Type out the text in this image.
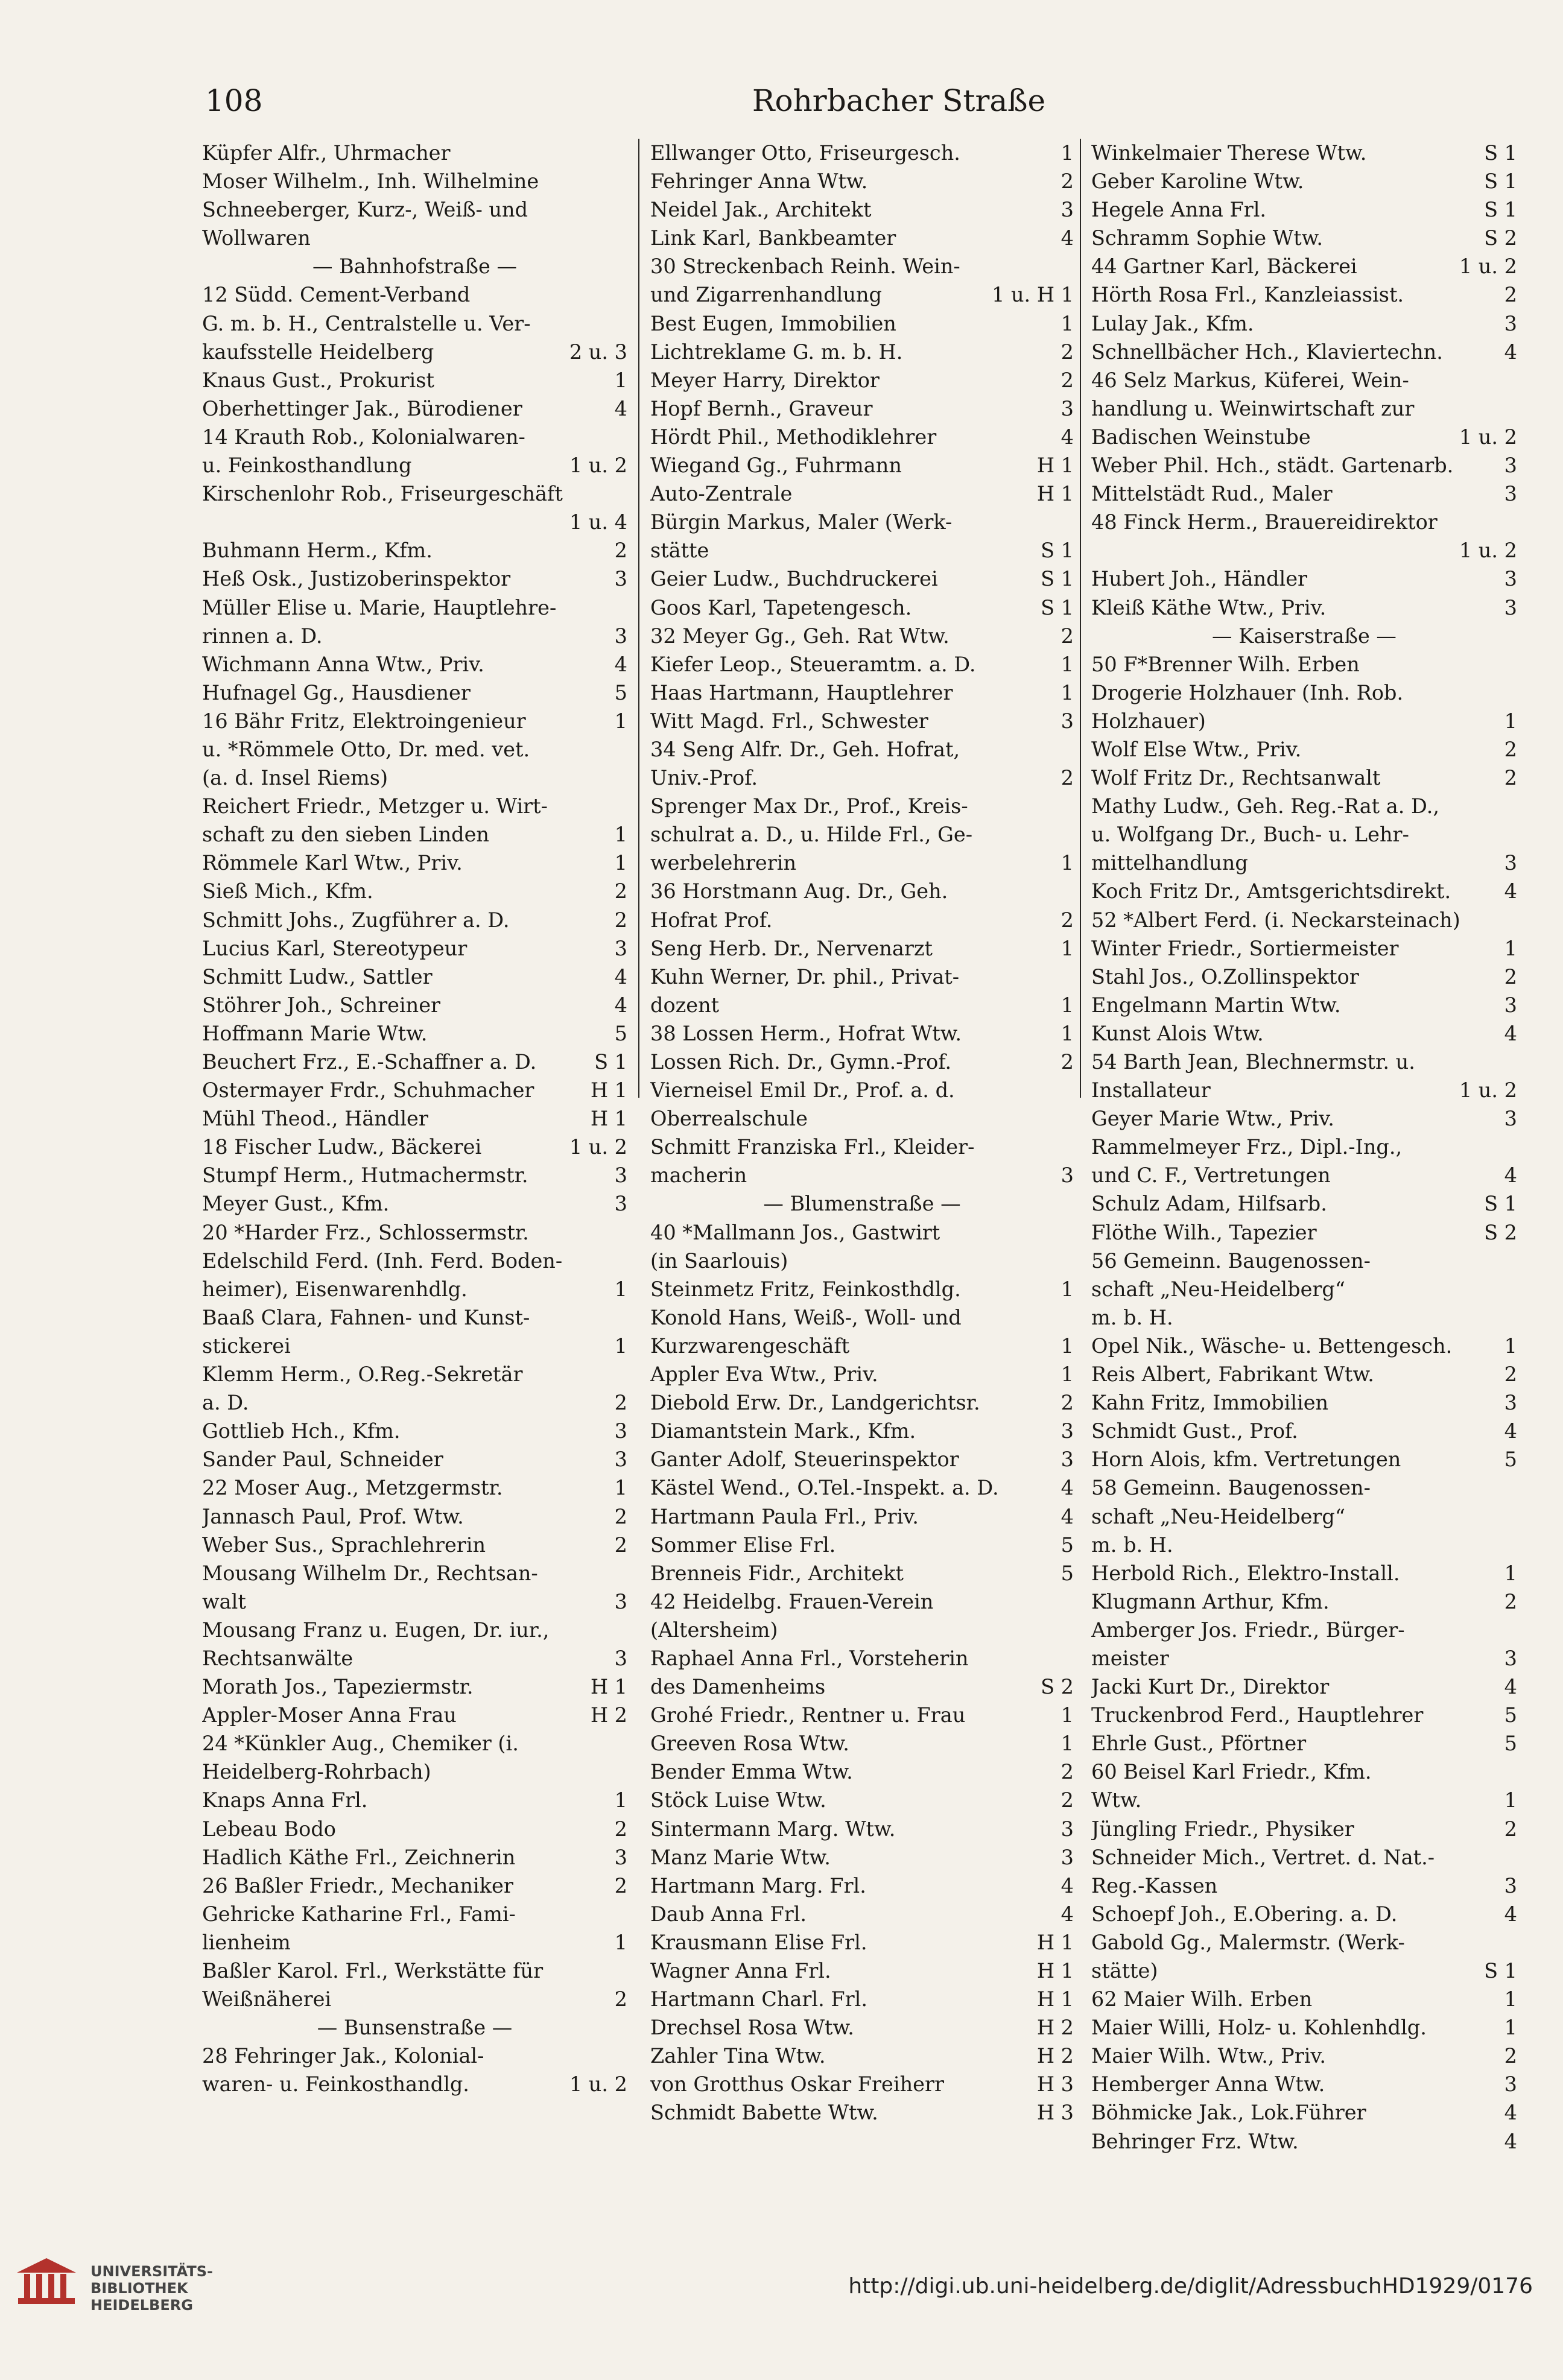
108	Rohrbacher Straße
Küpfer Alfr., Uhrmacher
Moser Wilhelm., Inh. Wilhelmine
Schneeberger, Kurz-, Weiß- und
Wollwaren
— Bahnhofstraße —
12 Südd. Cement-Verband
G. m. b. H., Centralstelle u. Ver-
kaufsstelle Heidelberg	2 u. 3
Knaus Gust., Prokurist	1
Oberhettinger Jak., Bürodiener	4
14 Krauth Rob., Kolonialwaren-
u. Feinkosthandlung	1 u. 2
Kirschenlohr Rob., Friseurgeschäft
1 u. 4
Buhmann Herm., Kfm.	2
Heß Osk., Justizoberinspektor	3
Müller Elise u. Marie, Hauptlehre-
rinnen a. D.	3
Wichmann Anna Wtw., Priv.	4
Hufnagel Gg., Hausdiener	5
16 Bähr Fritz, Elektroingenieur	1
u. *Römmele Otto, Dr. med. vet.
(a. d. Insel Riems)
Reichert Friedr., Metzger u. Wirt-
schaft zu den sieben Linden	1
Römmele Karl Wtw., Priv.	1
Sieß Mich., Kfm.	2
Schmitt Johs., Zugführer a. D.	2
Lucius Karl, Stereotypeur	3
Schmitt Ludw., Sattler	4
Stöhrer Joh., Schreiner	4
Hoffmann Marie Wtw.	5
Beuchert Frz., E.-Schaffner a. D.	S 1
Ostermayer Frdr., Schuhmacher	H 1
Mühl Theod., Händler	H 1
18 Fischer Ludw., Bäckerei	1 u. 2
Stumpf Herm., Hutmachermstr.	3
Meyer Gust., Kfm.	3
20 *Harder Frz., Schlossermstr.
Edelschild Ferd. (Inh. Ferd. Boden-
heimer), Eisenwarenhdlg.	1
Baaß Clara, Fahnen- und Kunst-
stickerei	1
Klemm Herm., O.Reg.-Sekretär
a. D.	2
Gottlieb Hch., Kfm.	3
Sander Paul, Schneider	3
22 Moser Aug., Metzgermstr.	1
Jannasch Paul, Prof. Wtw.	2
Weber Sus., Sprachlehrerin	2
Mousang Wilhelm Dr., Rechtsan-
walt	3
Mousang Franz u. Eugen, Dr. iur.,
Rechtsanwälte	3
Morath Jos., Tapeziermstr.	H 1
Appler-Moser Anna Frau	H 2
24 *Künkler Aug., Chemiker (i.
Heidelberg-Rohrbach)
Knaps Anna Frl.	1
Lebeau Bodo	2
Hadlich Käthe Frl., Zeichnerin	3
26 Baßler Friedr., Mechaniker	2
Gehricke Katharine Frl., Fami-
lienheim	1
Baßler Karol. Frl., Werkstätte für
Weißnäherei	2
— Bunsenstraße —
28 Fehringer Jak., Kolonial-
waren- u. Feinkosthandlg.	1 u. 2
Ellwanger Otto, Friseurgesch.	1
Fehringer Anna Wtw.	2
Neidel Jak., Architekt	3
Link Karl, Bankbeamter	4
30 Streckenbach Reinh. Wein-
und Zigarrenhandlung	1 u. H 1
Best Eugen, Immobilien	1
Lichtreklame G. m. b. H.	2
Meyer Harry, Direktor	2
Hopf Bernh., Graveur	3
Hördt Phil., Methodiklehrer	4
Wiegand Gg., Fuhrmann	H 1
Auto-Zentrale	H 1
Bürgin Markus, Maler (Werk-
stätte	S 1
Geier Ludw., Buchdruckerei	S 1
Goos Karl, Tapetengesch.	S 1
32 Meyer Gg., Geh. Rat Wtw.	2
Kiefer Leop., Steueramtm. a. D.	1
Haas Hartmann, Hauptlehrer	1
Witt Magd. Frl., Schwester	3
34 Seng Alfr. Dr., Geh. Hofrat,
Univ.-Prof.	2
Sprenger Max Dr., Prof., Kreis-
schulrat a. D., u. Hilde Frl., Ge-
werbelehrerin	1
36 Horstmann Aug. Dr., Geh.
Hofrat Prof.	2
Seng Herb. Dr., Nervenarzt	1
Kuhn Werner, Dr. phil., Privat-
dozent	1
38 Lossen Herm., Hofrat Wtw.	1
Lossen Rich. Dr., Gymn.-Prof.	2
Vierneisel Emil Dr., Prof. a. d.
Oberrealschule
Schmitt Franziska Frl., Kleider-
macherin	3
— Blumenstraße —
40 *Mallmann Jos., Gastwirt
(in Saarlouis)
Steinmetz Fritz, Feinkosthdlg.	1
Konold Hans, Weiß-, Woll- und
Kurzwarengeschäft	1
Appler Eva Wtw., Priv.	1
Diebold Erw. Dr., Landgerichtsr.	2
Diamantstein Mark., Kfm.	3
Ganter Adolf, Steuerinspektor	3
Kästel Wend., O.Tel.-Inspekt. a. D.	4
Hartmann Paula Frl., Priv.	4
Sommer Elise Frl.	5
Brenneis Fidr., Architekt	5
42 Heidelbg. Frauen-Verein
(Altersheim)
Raphael Anna Frl., Vorsteherin
des Damenheims	S 2
Grohé Friedr., Rentner u. Frau	1
Greeven Rosa Wtw.	1
Bender Emma Wtw.	2
Stöck Luise Wtw.	2
Sintermann Marg. Wtw.	3
Manz Marie Wtw.	3
Hartmann Marg. Frl.	4
Daub Anna Frl.	4
Krausmann Elise Frl.	H 1
Wagner Anna Frl.	H 1
Hartmann Charl. Frl.	H 1
Drechsel Rosa Wtw.	H 2
Zahler Tina Wtw.	H 2
von Grotthus Oskar Freiherr	H 3
Schmidt Babette Wtw.	H 3
Winkelmaier Therese Wtw.	S 1
Geber Karoline Wtw.	S 1
Hegele Anna Frl.	S 1
Schramm Sophie Wtw.	S 2
44 Gartner Karl, Bäckerei	1 u. 2
Hörth Rosa Frl., Kanzleiassist.	2
Lulay Jak., Kfm.	3
Schnellbächer Hch., Klaviertechn.	4
46 Selz Markus, Küferei, Wein-
handlung u. Weinwirtschaft zur
Badischen Weinstube	1 u. 2
Weber Phil. Hch., städt. Gartenarb.	3
Mittelstädt Rud., Maler	3
48 Finck Herm., Brauereidirektor
1 u. 2
Hubert Joh., Händler	3
Kleiß Käthe Wtw., Priv.	3
— Kaiserstraße —
50 F*Brenner Wilh. Erben
Drogerie Holzhauer (Inh. Rob.
Holzhauer)	1
Wolf Else Wtw., Priv.	2
Wolf Fritz Dr., Rechtsanwalt	2
Mathy Ludw., Geh. Reg.-Rat a. D.,
u. Wolfgang Dr., Buch- u. Lehr-
mittelhandlung	3
Koch Fritz Dr., Amtsgerichtsdirekt.	4
52 *Albert Ferd. (i. Neckarsteinach)
Winter Friedr., Sortiermeister	1
Stahl Jos., O.Zollinspektor	2
Engelmann Martin Wtw.	3
Kunst Alois Wtw.	4
54 Barth Jean, Blechnermstr. u.
Installateur	1 u. 2
Geyer Marie Wtw., Priv.	3
Rammelmeyer Frz., Dipl.-Ing.,
und C. F., Vertretungen	4
Schulz Adam, Hilfsarb.	S 1
Flöthe Wilh., Tapezier	S 2
56 Gemeinn. Baugenossen-
schaft „Neu-Heidelberg“
m. b. H.
Opel Nik., Wäsche- u. Bettengesch.	1
Reis Albert, Fabrikant Wtw.	2
Kahn Fritz, Immobilien	3
Schmidt Gust., Prof.	4
Horn Alois, kfm. Vertretungen	5
58 Gemeinn. Baugenossen-
schaft „Neu-Heidelberg“
m. b. H.
Herbold Rich., Elektro-Install.	1
Klugmann Arthur, Kfm.	2
Amberger Jos. Friedr., Bürger-
meister	3
Jacki Kurt Dr., Direktor	4
Truckenbrod Ferd., Hauptlehrer	5
Ehrle Gust., Pförtner	5
60 Beisel Karl Friedr., Kfm.
Wtw.	1
Jüngling Friedr., Physiker	2
Schneider Mich., Vertret. d. Nat.-
Reg.-Kassen	3
Schoepf Joh., E.Obering. a. D.	4
Gabold Gg., Malermstr. (Werk-
stätte)	S 1
62 Maier Wilh. Erben	1
Maier Willi, Holz- u. Kohlenhdlg.	1
Maier Wilh. Wtw., Priv.	2
Hemberger Anna Wtw.	3
Böhmicke Jak., Lok.Führer	4
Behringer Frz. Wtw.	4
UNIVERSITÄTS-
BIBLIOTHEK
HEIDELBERG
http://digi.ub.uni-heidelberg.de/diglit/AdressbuchHD1929/0176
